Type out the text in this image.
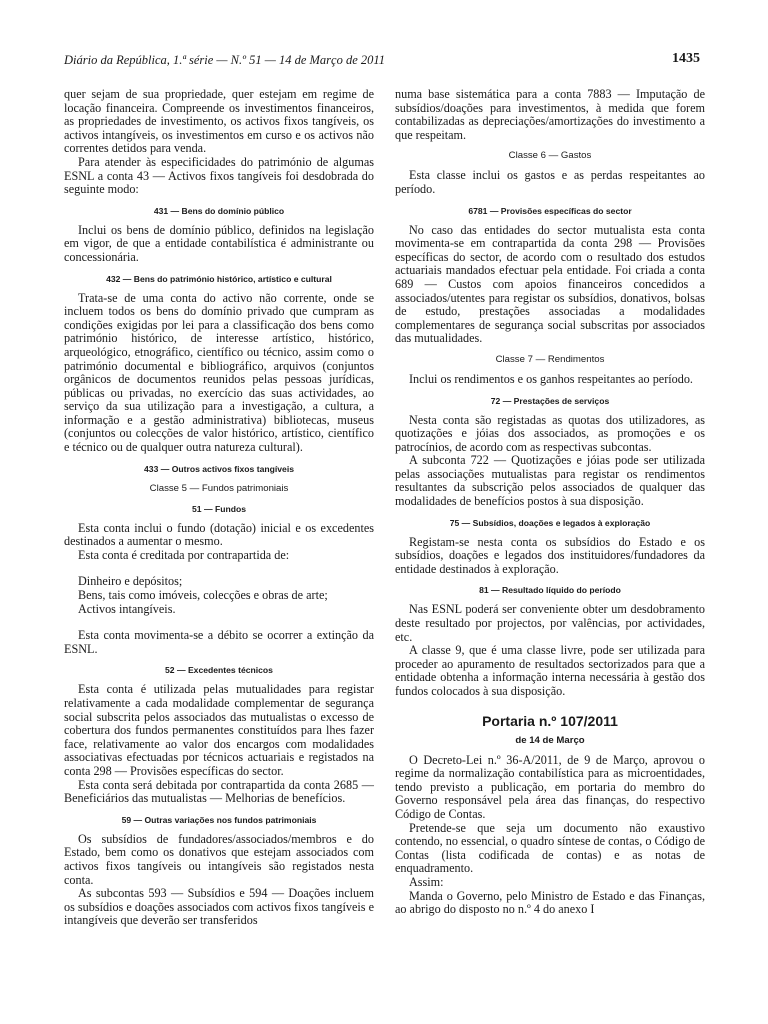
Diário da República, 1.ª série — N.º 51 — 14 de Março de 2011	1435

quer sejam de sua propriedade, quer estejam em regime de locação financeira. Compreende os investimentos financeiros, as propriedades de investimento, os activos fixos tangíveis, os activos intangíveis, os investimentos em curso e os activos não correntes detidos para venda.

Para atender às especificidades do património de algumas ESNL a conta 43 — Activos fixos tangíveis foi desdobrada do seguinte modo:

431 — Bens do domínio público

Inclui os bens de domínio público, definidos na legislação em vigor, de que a entidade contabilística é administrante ou concessionária.

432 — Bens do património histórico, artístico e cultural

Trata-se de uma conta do activo não corrente, onde se incluem todos os bens do domínio privado que cumpram as condições exigidas por lei para a classificação dos bens como património histórico, de interesse artístico, histórico, arqueológico, etnográfico, científico ou técnico, assim como o património documental e bibliográfico, arquivos (conjuntos orgânicos de documentos reunidos pelas pessoas jurídicas, públicas ou privadas, no exercício das suas actividades, ao serviço da sua utilização para a investigação, a cultura, a informação e a gestão administrativa) bibliotecas, museus (conjuntos ou colecções de valor histórico, artístico, científico e técnico ou de qualquer outra natureza cultural).

433 — Outros activos fixos tangíveis
Classe 5 — Fundos patrimoniais
51 — Fundos

Esta conta inclui o fundo (dotação) inicial e os excedentes destinados a aumentar o mesmo.

Esta conta é creditada por contrapartida de:

Dinheiro e depósitos;

Bens, tais como imóveis, colecções e obras de arte;

Activos intangíveis.

Esta conta movimenta-se a débito se ocorrer a extinção da ESNL.

52 — Excedentes técnicos

Esta conta é utilizada pelas mutualidades para registar relativamente a cada modalidade complementar de segurança social subscrita pelos associados das mutualistas o excesso de cobertura dos fundos permanentes constituídos para lhes fazer face, relativamente ao valor dos encargos com modalidades associativas efectuadas por técnicos actuariais e registados na conta 298 — Provisões específicas do sector.

Esta conta será debitada por contrapartida da conta 2685 — Beneficiários das mutualistas — Melhorias de benefícios.

59 — Outras variações nos fundos patrimoniais

Os subsídios de fundadores/associados/membros e do Estado, bem como os donativos que estejam associados com activos fixos tangíveis ou intangíveis são registados nesta conta.

As subcontas 593 — Subsídios e 594 — Doações incluem os subsídios e doações associados com activos fixos tangíveis e intangíveis que deverão ser transferidos

numa base sistemática para a conta 7883 — Imputação de subsídios/doações para investimentos, à medida que forem contabilizadas as depreciações/amortizações do investimento a que respeitam.

Classe 6 — Gastos

Esta classe inclui os gastos e as perdas respeitantes ao período.

6781 — Provisões específicas do sector

No caso das entidades do sector mutualista esta conta movimenta-se em contrapartida da conta 298 — Provisões específicas do sector, de acordo com o resultado dos estudos actuariais mandados efectuar pela entidade. Foi criada a conta 689 — Custos com apoios financeiros concedidos a associados/utentes para registar os subsídios, donativos, bolsas de estudo, prestações associadas a modalidades complementares de segurança social subscritas por associados das mutualidades.

Classe 7 — Rendimentos

Inclui os rendimentos e os ganhos respeitantes ao período.

72 — Prestações de serviços

Nesta conta são registadas as quotas dos utilizadores, as quotizações e jóias dos associados, as promoções e os patrocínios, de acordo com as respectivas subcontas.

A subconta 722 — Quotizações e jóias pode ser utilizada pelas associações mutualistas para registar os rendimentos resultantes da subscrição pelos associados de qualquer das modalidades de benefícios postos à sua disposição.

75 — Subsídios, doações e legados à exploração

Registam-se nesta conta os subsídios do Estado e os subsídios, doações e legados dos instituidores/fundadores da entidade destinados à exploração.

81 — Resultado líquido do período

Nas ESNL poderá ser conveniente obter um desdobramento deste resultado por projectos, por valências, por actividades, etc.

A classe 9, que é uma classe livre, pode ser utilizada para proceder ao apuramento de resultados sectorizados para que a entidade obtenha a informação interna necessária à gestão dos fundos colocados à sua disposição.

Portaria n.º 107/2011
de 14 de Março

O Decreto-Lei n.º 36-A/2011, de 9 de Março, aprovou o regime da normalização contabilística para as microentidades, tendo previsto a publicação, em portaria do membro do Governo responsável pela área das finanças, do respectivo Código de Contas.

Pretende-se que seja um documento não exaustivo contendo, no essencial, o quadro síntese de contas, o Código de Contas (lista codificada de contas) e as notas de enquadramento.

Assim:

Manda o Governo, pelo Ministro de Estado e das Finanças, ao abrigo do disposto no n.º 4 do anexo I
